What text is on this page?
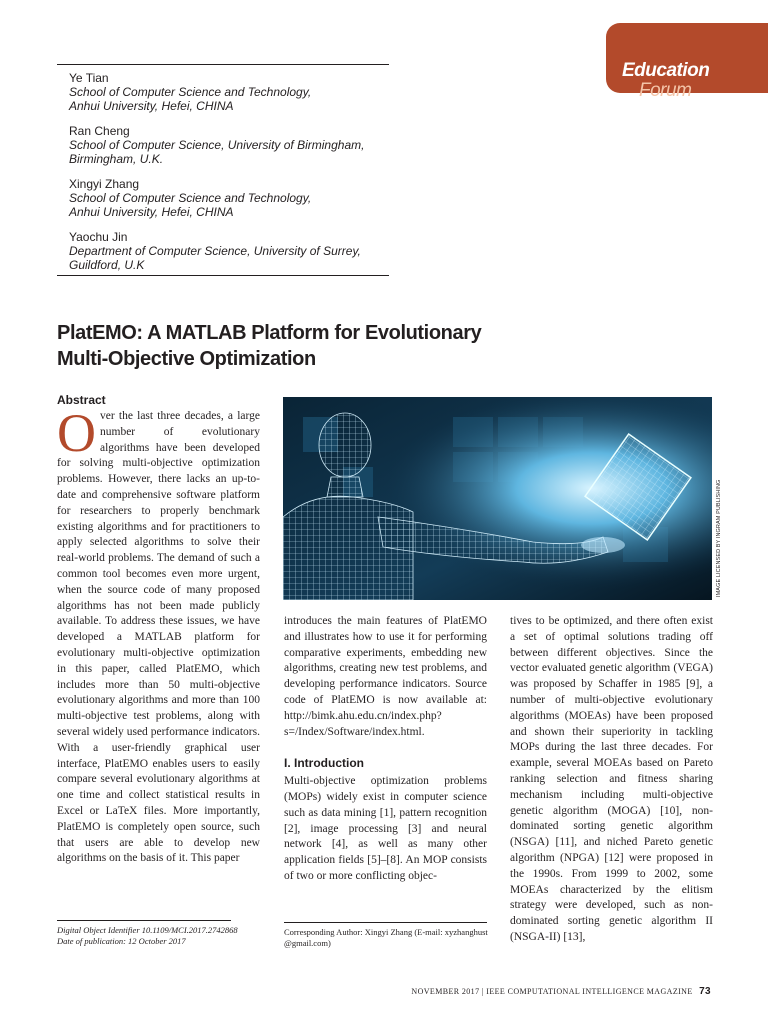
Ye Tian
School of Computer Science and Technology,
Anhui University, Hefei, CHINA
Ran Cheng
School of Computer Science, University of Birmingham,
Birmingham, U.K.
Xingyi Zhang
School of Computer Science and Technology,
Anhui University, Hefei, CHINA
Yaochu Jin
Department of Computer Science, University of Surrey,
Guildford, U.K
Education
Forum
PlatEMO: A MATLAB Platform for Evolutionary Multi-Objective Optimization
Abstract

Over the last three decades, a large number of evolutionary algorithms have been developed for solving multi-objective optimization problems. However, there lacks an up-to-date and comprehensive software platform for researchers to properly benchmark existing algorithms and for practitioners to apply selected algorithms to solve their real-world problems. The demand of such a common tool becomes even more urgent, when the source code of many proposed algorithms has not been made publicly available. To address these issues, we have developed a MATLAB platform for evolutionary multi-objective optimization in this paper, called PlatEMO, which includes more than 50 multi-objective evolutionary algorithms and more than 100 multi-objective test problems, along with several widely used performance indicators. With a user-friendly graphical user interface, PlatEMO enables users to easily compare several evolutionary algorithms at one time and collect statistical results in Excel or LaTeX files. More importantly, PlatEMO is completely open source, such that users are able to develop new algorithms on the basis of it. This paper

IMAGE LICENSED BY INGRAM PUBLISHING

introduces the main features of PlatEMO and illustrates how to use it for performing comparative experiments, embedding new algorithms, creating new test problems, and developing performance indicators. Source code of PlatEMO is now available at: http://bimk.ahu.edu.cn/index.php?s=/Index/Software/index.html.

I. Introduction

Multi-objective optimization problems (MOPs) widely exist in computer science such as data mining [1], pattern recognition [2], image processing [3] and neural network [4], as well as many other application fields [5]–[8]. An MOP consists of two or more conflicting objec-

tives to be optimized, and there often exist a set of optimal solutions trading off between different objectives. Since the vector evaluated genetic algorithm (VEGA) was proposed by Schaffer in 1985 [9], a number of multi-objective evolutionary algorithms (MOEAs) have been proposed and shown their superiority in tackling MOPs during the last three decades. For example, several MOEAs based on Pareto ranking selection and fitness sharing mechanism including multi-objective genetic algorithm (MOGA) [10], non-dominated sorting genetic algorithm (NSGA) [11], and niched Pareto genetic algorithm (NPGA) [12] were proposed in the 1990s. From 1999 to 2002, some MOEAs characterized by the elitism strategy were developed, such as non-dominated sorting genetic algorithm II (NSGA-II) [13],

Digital Object Identifier 10.1109/MCI.2017.2742868
Date of publication: 12 October 2017
Corresponding Author: Xingyi Zhang (E-mail: xyzhanghust
@gmail.com)
NOVEMBER 2017 | IEEE COMPUTATIONAL INTELLIGENCE MAGAZINE 73
